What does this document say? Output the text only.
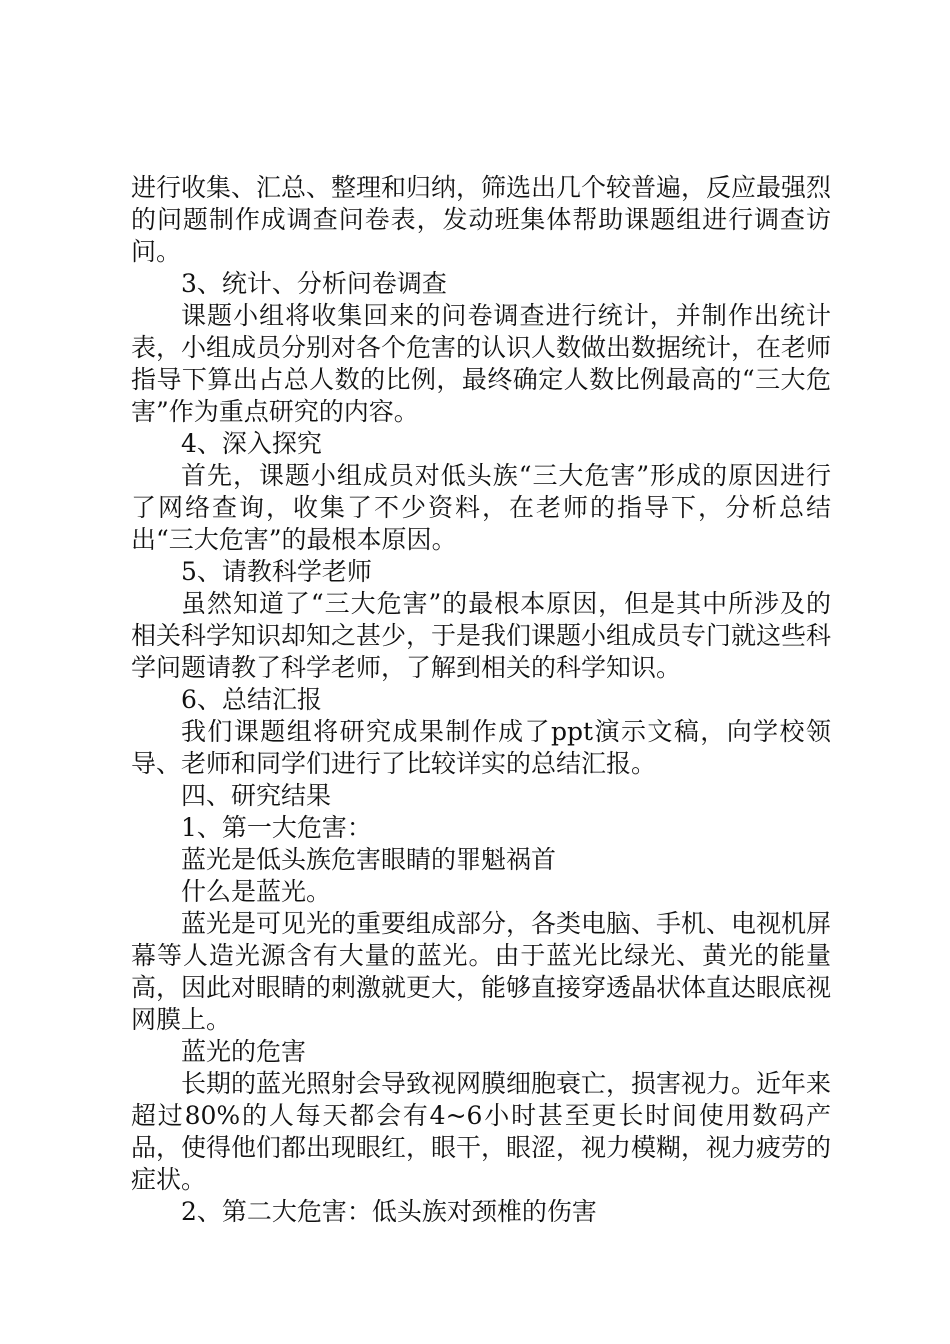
进行收集、汇总、整理和归纳，筛选出几个较普遍，反应最强烈的问题制作成调查问卷表，发动班集体帮助课题组进行调查访问。

3、统计、分析问卷调查

课题小组将收集回来的问卷调查进行统计，并制作出统计表，小组成员分别对各个危害的认识人数做出数据统计，在老师指导下算出占总人数的比例，最终确定人数比例最高的“三大危害”作为重点研究的内容。

4、深入探究

首先，课题小组成员对低头族“三大危害”形成的原因进行了网络查询，收集了不少资料，在老师的指导下，分析总结出“三大危害”的最根本原因。

5、请教科学老师

虽然知道了“三大危害”的最根本原因，但是其中所涉及的相关科学知识却知之甚少，于是我们课题小组成员专门就这些科学问题请教了科学老师，了解到相关的科学知识。

6、总结汇报

我们课题组将研究成果制作成了ppt演示文稿，向学校领导、老师和同学们进行了比较详实的总结汇报。

四、研究结果

1、第一大危害：

蓝光是低头族危害眼睛的罪魁祸首

什么是蓝光。

蓝光是可见光的重要组成部分，各类电脑、手机、电视机屏幕等人造光源含有大量的蓝光。由于蓝光比绿光、黄光的能量高，因此对眼睛的刺激就更大，能够直接穿透晶状体直达眼底视网膜上。

蓝光的危害

长期的蓝光照射会导致视网膜细胞衰亡，损害视力。近年来超过80%的人每天都会有4~6小时甚至更长时间使用数码产品，使得他们都出现眼红，眼干，眼涩，视力模糊，视力疲劳的症状。

2、第二大危害：低头族对颈椎的伤害
